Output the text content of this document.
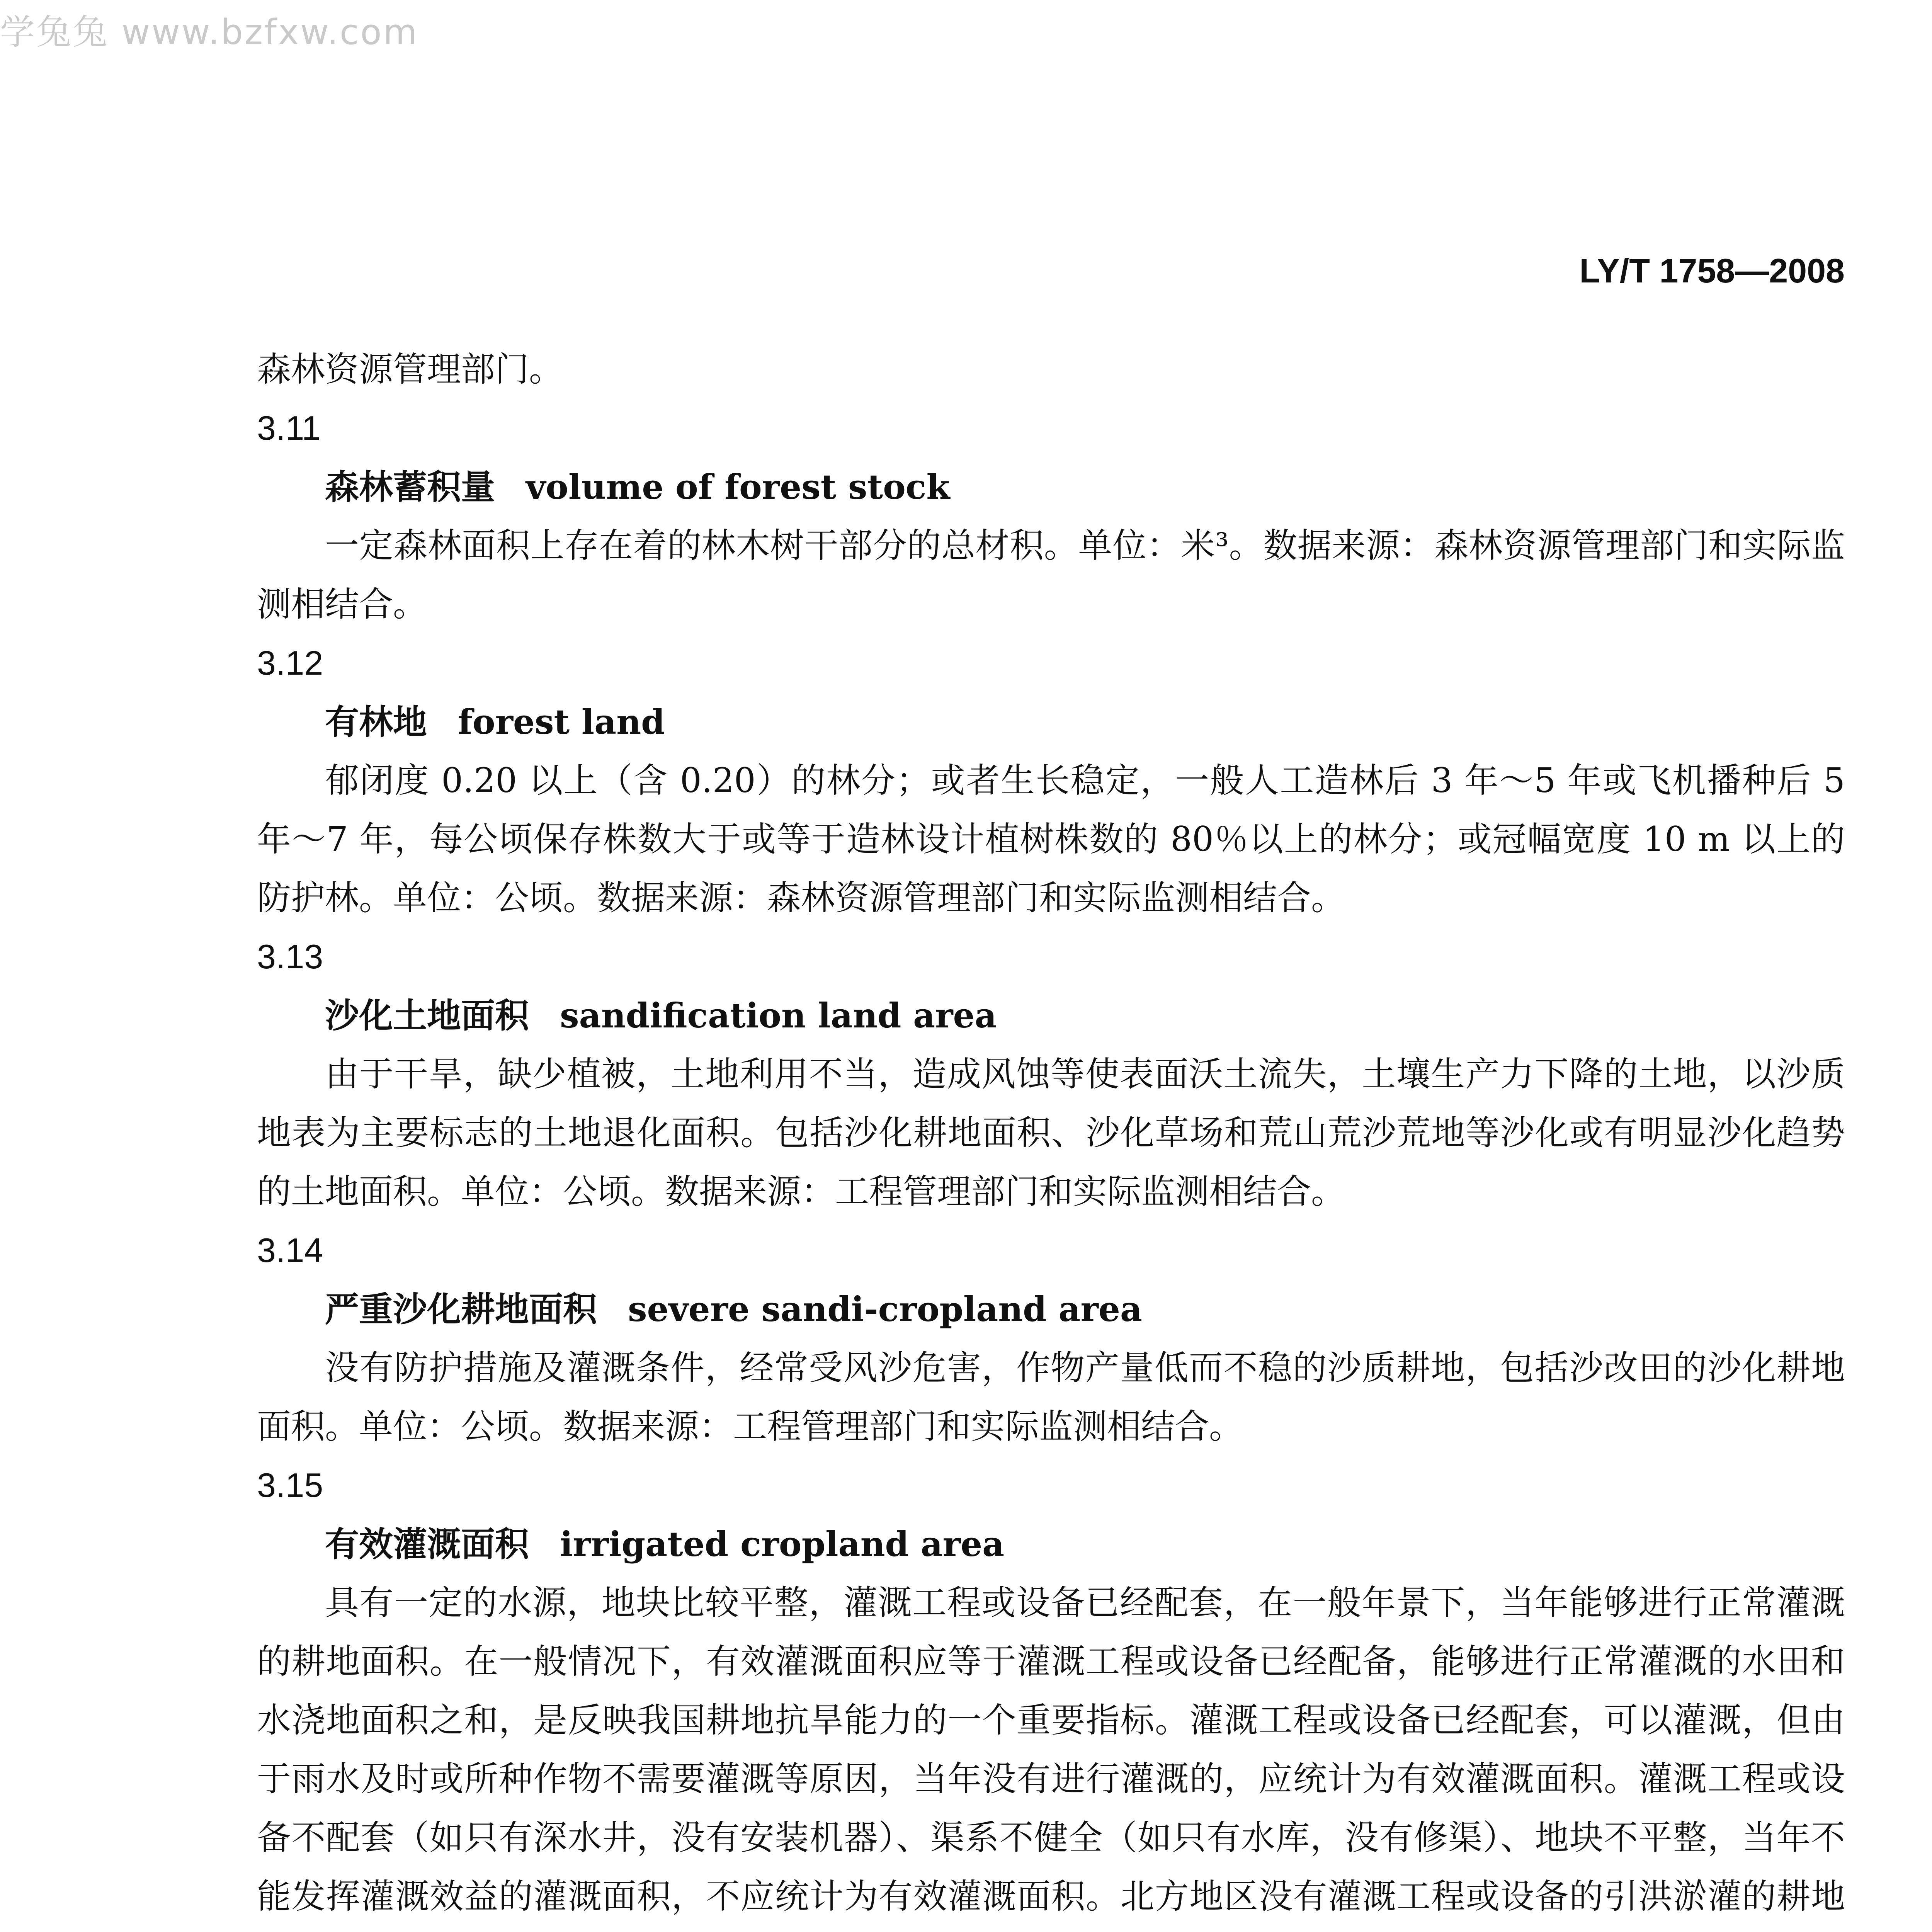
学兔兔 www.bzfxw.com
LY/T 1758—2008

森林资源管理部门。

3.11

森林蓄积量 volume of forest stock

一定森林面积上存在着的林木树干部分的总材积。单位：米³。数据来源：森林资源管理部门和实际监测相结合。

3.12

有林地 forest land

郁闭度 0.20 以上（含 0.20）的林分；或者生长稳定，一般人工造林后 3 年～5 年或飞机播种后 5 年～7 年，每公顷保存株数大于或等于造林设计植树株数的 80％以上的林分；或冠幅宽度 10 m 以上的防护林。单位：公顷。数据来源：森林资源管理部门和实际监测相结合。

3.13

沙化土地面积 sandification land area

由于干旱，缺少植被，土地利用不当，造成风蚀等使表面沃土流失，土壤生产力下降的土地，以沙质地表为主要标志的土地退化面积。包括沙化耕地面积、沙化草场和荒山荒沙荒地等沙化或有明显沙化趋势的土地面积。单位：公顷。数据来源：工程管理部门和实际监测相结合。

3.14

严重沙化耕地面积 severe sandi-cropland area

没有防护措施及灌溉条件，经常受风沙危害，作物产量低而不稳的沙质耕地，包括沙改田的沙化耕地面积。单位：公顷。数据来源：工程管理部门和实际监测相结合。

3.15

有效灌溉面积 irrigated cropland area

具有一定的水源，地块比较平整，灌溉工程或设备已经配套，在一般年景下，当年能够进行正常灌溉的耕地面积。在一般情况下，有效灌溉面积应等于灌溉工程或设备已经配备，能够进行正常灌溉的水田和水浇地面积之和，是反映我国耕地抗旱能力的一个重要指标。灌溉工程或设备已经配套，可以灌溉，但由于雨水及时或所种作物不需要灌溉等原因，当年没有进行灌溉的，应统计为有效灌溉面积。灌溉工程或设备不配套（如只有深水井，没有安装机器）、渠系不健全（如只有水库，没有修渠）、地块不平整，当年不能发挥灌溉效益的灌溉面积，不应统计为有效灌溉面积。北方地区没有灌溉工程或设备的引洪淤灌的耕地
